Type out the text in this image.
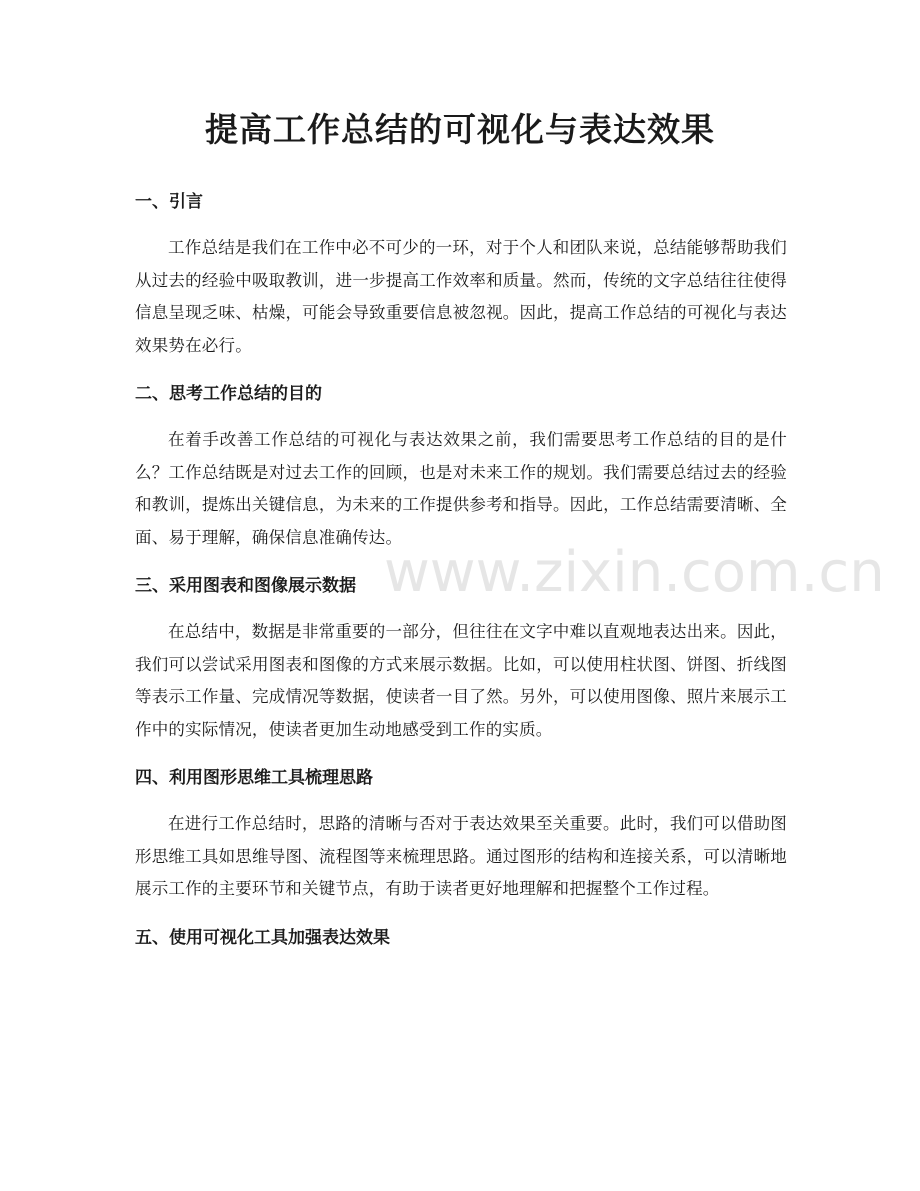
提高工作总结的可视化与表达效果
一、引言

工作总结是我们在工作中必不可少的一环，对于个人和团队来说，总结能够帮助我们从过去的经验中吸取教训，进一步提高工作效率和质量。然而，传统的文字总结往往使得信息呈现乏味、枯燥，可能会导致重要信息被忽视。因此，提高工作总结的可视化与表达效果势在必行。

二、思考工作总结的目的

在着手改善工作总结的可视化与表达效果之前，我们需要思考工作总结的目的是什么？工作总结既是对过去工作的回顾，也是对未来工作的规划。我们需要总结过去的经验和教训，提炼出关键信息，为未来的工作提供参考和指导。因此，工作总结需要清晰、全面、易于理解，确保信息准确传达。

三、采用图表和图像展示数据

在总结中，数据是非常重要的一部分，但往往在文字中难以直观地表达出来。因此，我们可以尝试采用图表和图像的方式来展示数据。比如，可以使用柱状图、饼图、折线图等表示工作量、完成情况等数据，使读者一目了然。另外，可以使用图像、照片来展示工作中的实际情况，使读者更加生动地感受到工作的实质。

四、利用图形思维工具梳理思路

在进行工作总结时，思路的清晰与否对于表达效果至关重要。此时，我们可以借助图形思维工具如思维导图、流程图等来梳理思路。通过图形的结构和连接关系，可以清晰地展示工作的主要环节和关键节点，有助于读者更好地理解和把握整个工作过程。

五、使用可视化工具加强表达效果
www.zixin.com.cn
